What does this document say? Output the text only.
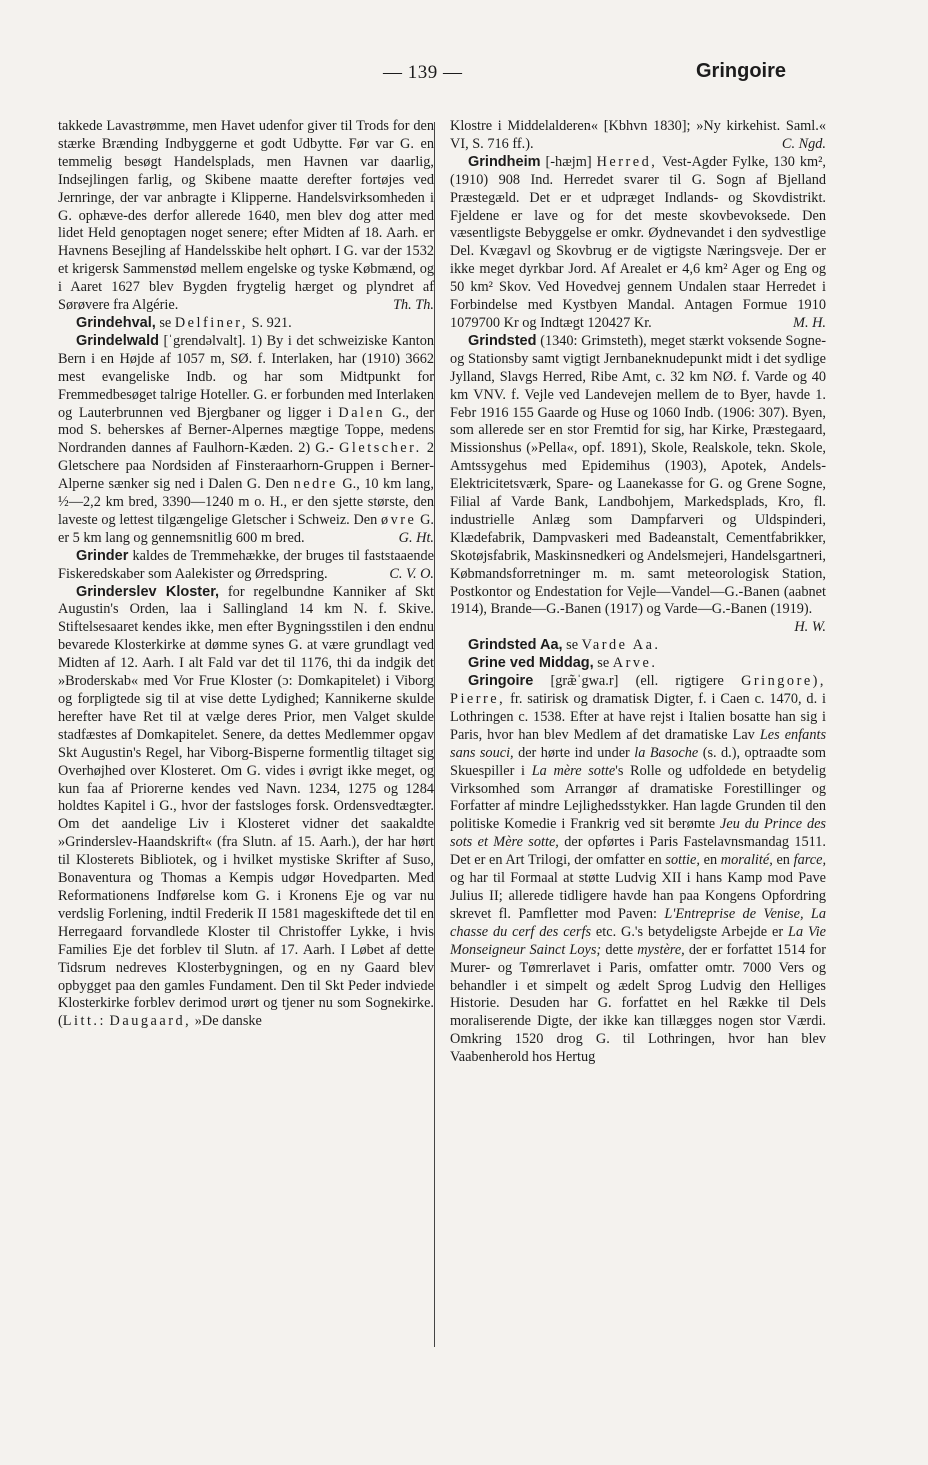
— 139 —	Gringoire

takkede Lavastrømme, men Havet udenfor giver til Trods for den stærke Brænding Indbyggerne et godt Udbytte. Før var G. en temmelig besøgt Handelsplads, men Havnen var daarlig, Indsejlingen farlig, og Skibene maatte derefter fortøjes ved Jernringe, der var anbragte i Klipperne. Handelsvirksomheden i G. ophæve-des derfor allerede 1640, men blev dog atter med lidet Held genoptagen noget senere; efter Midten af 18. Aarh. er Havnens Besejling af Handelsskibe helt ophørt. I G. var der 1532 et krigersk Sammenstød mellem engelske og tyske Købmænd, og i Aaret 1627 blev Bygden frygtelig hærget og plyndret af Sørøvere fra Algérie.	Th. Th.

Grindehval, se Delfiner, S. 921.

Grindelwald [ˈgrendəlvalt]. 1) By i det schweiziske Kanton Bern i en Højde af 1057 m, SØ. f. Interlaken, har (1910) 3662 mest evangeliske Indb. og har som Midtpunkt for Fremmedbesøget talrige Hoteller. G. er forbunden med Interlaken og Lauterbrunnen ved Bjergbaner og ligger i Dalen G., der mod S. beherskes af Berner-Alpernes mægtige Toppe, medens Nordranden dannes af Faulhorn-Kæden. 2) G.- Gletscher. 2 Gletschere paa Nordsiden af Finsteraarhorn-Gruppen i Berner-Alperne sænker sig ned i Dalen G. Den nedre G., 10 km lang, ½—2,2 km bred, 3390—1240 m o. H., er den sjette største, den laveste og lettest tilgængelige Gletscher i Schweiz. Den øvre G. er 5 km lang og gennemsnitlig 600 m bred.	G. Ht.

Grinder kaldes de Tremmehække, der bruges til faststaaende Fiskeredskaber som Aalekister og Ørredspring.	C. V. O.

Grinderslev Kloster, for regelbundne Kanniker af Skt Augustin's Orden, laa i Sallingland 14 km N. f. Skive. Stiftelsesaaret kendes ikke, men efter Bygningsstilen i den endnu bevarede Klosterkirke at dømme synes G. at være grundlagt ved Midten af 12. Aarh. I alt Fald var det til 1176, thi da indgik det »Broderskab« med Vor Frue Kloster (ɔ: Domkapitelet) i Viborg og forpligtede sig til at vise dette Lydighed; Kannikerne skulde herefter have Ret til at vælge deres Prior, men Valget skulde stadfæstes af Domkapitelet. Senere, da dettes Medlemmer opgav Skt Augustin's Regel, har Viborg-Bisperne formentlig tiltaget sig Overhøjhed over Klosteret. Om G. vides i øvrigt ikke meget, og kun faa af Priorerne kendes ved Navn. 1234, 1275 og 1284 holdtes Kapitel i G., hvor der fastsloges forsk. Ordensvedtægter. Om det aandelige Liv i Klosteret vidner det saakaldte »Grinderslev-Haandskrift« (fra Slutn. af 15. Aarh.), der har hørt til Klosterets Bibliotek, og i hvilket mystiske Skrifter af Suso, Bonaventura og Thomas a Kempis udgør Hovedparten. Med Reformationens Indførelse kom G. i Kronens Eje og var nu verdslig Forlening, indtil Frederik II 1581 mageskiftede det til en Herregaard forvandlede Kloster til Christoffer Lykke, i hvis Families Eje det forblev til Slutn. af 17. Aarh. I Løbet af dette Tidsrum nedreves Klosterbygningen, og en ny Gaard blev opbygget paa den gamles Fundament. Den til Skt Peder indviede Klosterkirke forblev derimod urørt og tjener nu som Sognekirke. (Litt.: Daugaard, »De danske

Klostre i Middelalderen« [Kbhvn 1830]; »Ny kirkehist. Saml.« VI, S. 716 ff.).	C. Ngd.

Grindheim [-hæjm] Herred, Vest-Agder Fylke, 130 km², (1910) 908 Ind. Herredet svarer til G. Sogn af Bjelland Præstegæld. Det er et udpræget Indlands- og Skovdistrikt. Fjeldene er lave og for det meste skovbevoksede. Den væsentligste Bebyggelse er omkr. Øydnevandet i den sydvestlige Del. Kvægavl og Skovbrug er de vigtigste Næringsveje. Der er ikke meget dyrkbar Jord. Af Arealet er 4,6 km² Ager og Eng og 50 km² Skov. Ved Hovedvej gennem Undalen staar Herredet i Forbindelse med Kystbyen Mandal. Antagen Formue 1910 1079700 Kr og Indtægt 120427 Kr.	M. H.

Grindsted (1340: Grimsteth), meget stærkt voksende Sogne- og Stationsby samt vigtigt Jernbaneknudepunkt midt i det sydlige Jylland, Slavgs Herred, Ribe Amt, c. 32 km NØ. f. Varde og 40 km VNV. f. Vejle ved Landevejen mellem de to Byer, havde 1. Febr 1916 155 Gaarde og Huse og 1060 Indb. (1906: 307). Byen, som allerede ser en stor Fremtid for sig, har Kirke, Præstegaard, Missionshus (»Pella«, opf. 1891), Skole, Realskole, tekn. Skole, Amtssygehus med Epidemihus (1903), Apotek, Andels-Elektricitetsværk, Spare- og Laanekasse for G. og Grene Sogne, Filial af Varde Bank, Landbohjem, Markedsplads, Kro, fl. industrielle Anlæg som Dampfarveri og Uldspinderi, Klædefabrik, Dampvaskeri med Badeanstalt, Cementfabrikker, Skotøjsfabrik, Maskinsnedkeri og Andelsmejeri, Handelsgartneri, Købmandsforretninger m. m. samt meteorologisk Station, Postkontor og Endestation for Vejle—Vandel—G.-Banen (aabnet 1914), Brande—G.-Banen (1917) og Varde—G.-Banen (1919).
H. W.

Grindsted Aa, se Varde Aa.

Grine ved Middag, se Arve.

Gringoire [græ̃ˈgwa.r] (ell. rigtigere Gringore), Pierre, fr. satirisk og dramatisk Digter, f. i Caen c. 1470, d. i Lothringen c. 1538. Efter at have rejst i Italien bosatte han sig i Paris, hvor han blev Medlem af det dramatiske Lav Les enfants sans souci, der hørte ind under la Basoche (s. d.), optraadte som Skuespiller i La mère sotte's Rolle og udfoldede en betydelig Virksomhed som Arrangør af dramatiske Forestillinger og Forfatter af mindre Lejlighedsstykker. Han lagde Grunden til den politiske Komedie i Frankrig ved sit berømte Jeu du Prince des sots et Mère sotte, der opførtes i Paris Fastelavnsmandag 1511. Det er en Art Trilogi, der omfatter en sottie, en moralité, en farce, og har til Formaal at støtte Ludvig XII i hans Kamp mod Pave Julius II; allerede tidligere havde han paa Kongens Opfordring skrevet fl. Pamfletter mod Paven: L'Entreprise de Venise, La chasse du cerf des cerfs etc. G.'s betydeligste Arbejde er La Vie Monseigneur Sainct Loys; dette mystère, der er forfattet 1514 for Murer- og Tømrerlavet i Paris, omfatter omtr. 7000 Vers og behandler i et simpelt og ædelt Sprog Ludvig den Helliges Historie. Desuden har G. forfattet en hel Række til Dels moraliserende Digte, der ikke kan tillægges nogen stor Værdi. Omkring 1520 drog G. til Lothringen, hvor han blev Vaabenherold hos Hertug
